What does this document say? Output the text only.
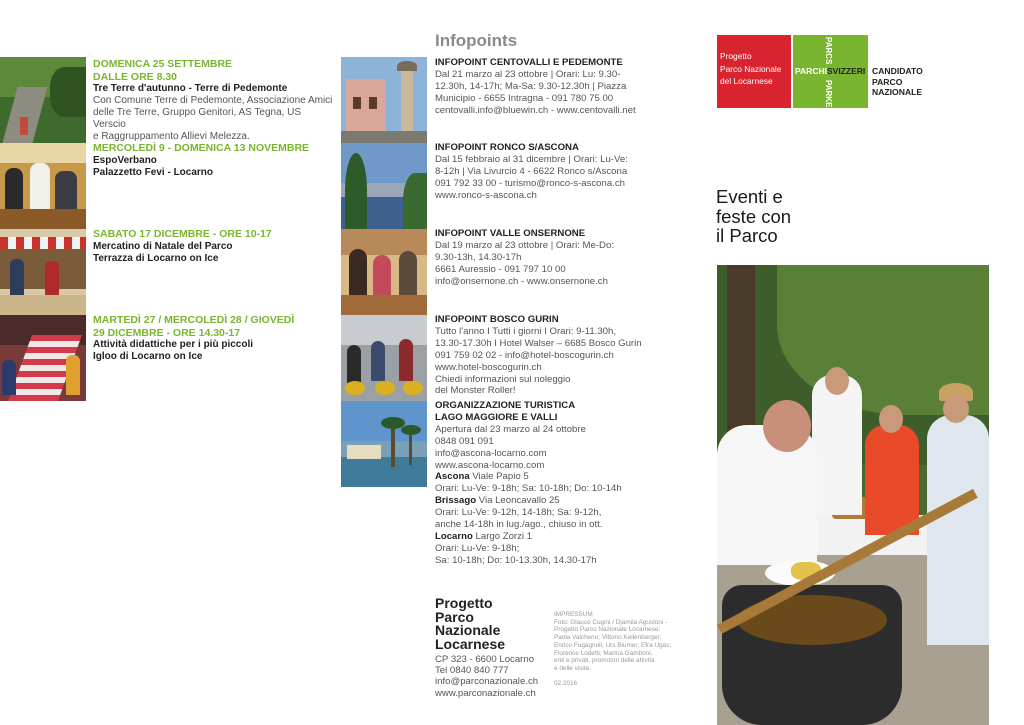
DOMENICA 25 SETTEMBRE
DALLE ORE 8.30
Tre Terre d'autunno - Terre di Pedemonte
Con Comune Terre di Pedemonte, Associazione Amici
delle Tre Terre, Gruppo Genitori, AS Tegna, US Verscio
e Raggruppamento Allievi Melezza.
MERCOLEDÌ 9 - DOMENICA 13 NOVEMBRE
EspoVerbano
Palazzetto Fevi - Locarno
SABATO 17 DICEMBRE - ORE 10-17
Mercatino di Natale del Parco
Terrazza di Locarno on Ice
MARTEDÌ 27 / MERCOLEDÌ 28 / GIOVEDÌ
29 DICEMBRE - ORE 14.30-17
Attività didattiche per i più piccoli
Igloo di Locarno on Ice
Infopoints
INFOPOINT CENTOVALLI E PEDEMONTE
Dal 21 marzo al 23 ottobre | Orari: Lu: 9.30-
12.30h, 14-17h; Ma-Sa: 9.30-12.30h | Piazza
Municipio - 6655 Intragna - 091 780 75 00
centovalli.info@bluewin.ch - www.centovalli.net
INFOPOINT RONCO S/ASCONA
Dal 15 febbraio al 31 dicembre | Orari: Lu-Ve:
8-12h | Via Livurcio 4 - 6622 Ronco s/Ascona
091 792 33 00 - turismo@ronco-s-ascona.ch
www.ronco-s-ascona.ch
INFOPOINT VALLE ONSERNONE
Dal 19 marzo al 23 ottobre | Orari: Me-Do:
9.30-13h, 14.30-17h
6661 Auressio - 091 797 10 00
info@onsernone.ch - www.onsernone.ch
INFOPOINT BOSCO GURIN
Tutto l'anno I Tutti i giorni I Orari: 9-11.30h,
13.30-17.30h I Hotel Walser – 6685 Bosco Gurin
091 759 02 02 - info@hotel-boscogurin.ch
www.hotel-boscogurin.ch
Chiedi informazioni sul noleggio
del Monster Roller!
ORGANIZZAZIONE TURISTICA
LAGO MAGGIORE E VALLI
Apertura dal 23 marzo al 24 ottobre
0848 091 091
info@ascona-locarno.com
www.ascona-locarno.com
Ascona Viale Papio 5
Orari: Lu-Ve: 9-18h; Sa: 10-18h; Do: 10-14h
Brissago Via Leoncavallo 25
Orari: Lu-Ve: 9-12h, 14-18h; Sa: 9-12h,
anche 14-18h in lug./ago., chiuso in ott.
Locarno Largo Zorzi 1
Orari: Lu-Ve: 9-18h;
Sa: 10-18h; Do: 10-13.30h, 14.30-17h
Progetto
Parco
Nazionale
Locarnese
CP 323 - 6600 Locarno
Tel 0840 840 777
info@parconazionale.ch
www.parconazionale.ch
IMPRESSUM
Foto: Glauco Cugini / Djamila Agustoni -
Progetto Parco Nazionale Locarnese;
Paola Valcheno; Vittorio Kellenberger;
Enrico Fugagnoli; Urs Blumer; Efra Ugas;
Florence Lodetti; Marina Gamboni;
enti e privati, promotori delle attività
e delle visite.
02.2016
Progetto
Parco Nazionale
del Locarnese
PARCS
PARCHI SVIZZERI
PARKE
CANDIDATO
PARCO
NAZIONALE
Eventi e
feste con
il Parco
